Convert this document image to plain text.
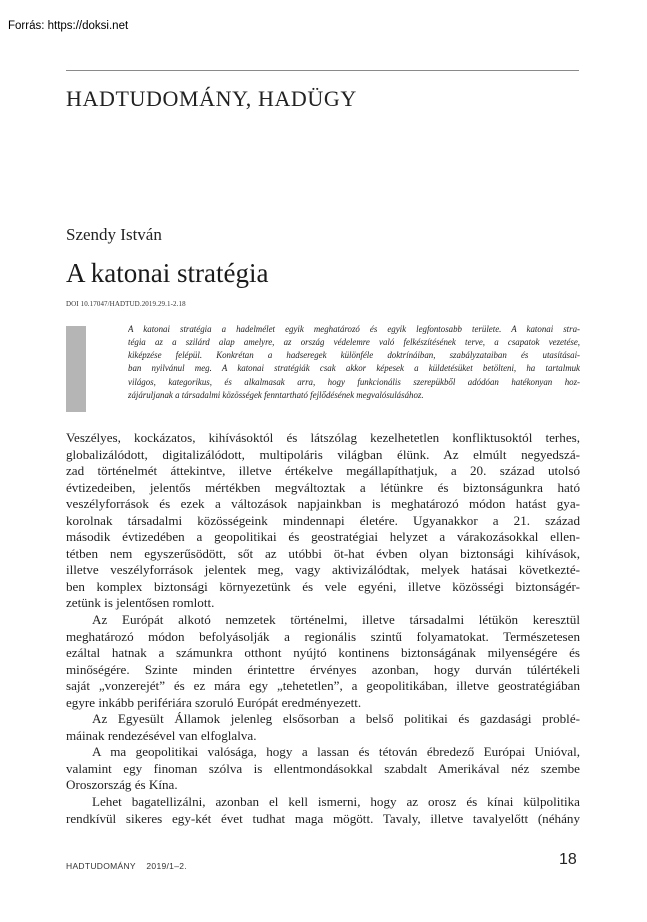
Forrás: https://doksi.net
HADTUDOMÁNY, HADÜGY
Szendy István
A katonai stratégia
DOI 10.17047/HADTUD.2019.29.1-2.18
A katonai stratégia a hadelmélet egyik meghatározó és egyik legfontosabb területe. A katonai stra-
tégia az a szilárd alap amelyre, az ország védelemre való felkészítésének terve, a csapatok vezetése,
kiképzése felépül. Konkrétan a hadseregek különféle doktrínáiban, szabályzataiban és utasításai-
ban nyilvánul meg. A katonai stratégiák csak akkor képesek a küldetésüket betölteni, ha tartalmuk
világos, kategorikus, és alkalmasak arra, hogy funkcionális szerepükből adódóan hatékonyan hoz-
zájáruljanak a társadalmi közösségek fenntartható fejlődésének megvalósulásához.
Veszélyes, kockázatos, kihívásoktól és látszólag kezelhetetlen konfliktusoktól terhes,
globalizálódott, digitalizálódott, multipoláris világban élünk. Az elmúlt negyedszá-
zad történelmét áttekintve, illetve értékelve megállapíthatjuk, a 20. század utolsó
évtizedeiben, jelentős mértékben megváltoztak a létünkre és biztonságunkra ható
veszélyforrások és ezek a változások napjainkban is meghatározó módon hatást gya-
korolnak társadalmi közösségeink mindennapi életére. Ugyanakkor a 21. század
második évtizedében a geopolitikai és geostratégiai helyzet a várakozásokkal ellen-
tétben nem egyszerűsödött, sőt az utóbbi öt-hat évben olyan biztonsági kihívások,
illetve veszélyforrások jelentek meg, vagy aktivizálódtak, melyek hatásai következté-
ben komplex biztonsági környezetünk és vele egyéni, illetve közösségi biztonságér-
zetünk is jelentősen romlott.
Az Európát alkotó nemzetek történelmi, illetve társadalmi létükön keresztül
meghatározó módon befolyásolják a regionális szintű folyamatokat. Természetesen
ezáltal hatnak a számunkra otthont nyújtó kontinens biztonságának milyenségére és
minőségére. Szinte minden érintettre érvényes azonban, hogy durván túlértékeli
saját „vonzerejét” és ez mára egy „tehetetlen”, a geopolitikában, illetve geostratégiában
egyre inkább perifériára szoruló Európát eredményezett.
Az Egyesült Államok jelenleg elsősorban a belső politikai és gazdasági problé-
máinak rendezésével van elfoglalva.
A ma geopolitikai valósága, hogy a lassan és tétován ébredező Európai Unióval,
valamint egy finoman szólva is ellentmondásokkal szabdalt Amerikával néz szembe
Oroszország és Kína.
Lehet bagatellizálni, azonban el kell ismerni, hogy az orosz és kínai külpolitika
rendkívül sikeres egy-két évet tudhat maga mögött. Tavaly, illetve tavalyelőtt (néhány
HADTUDOMÁNY 2019/1–2.	18
